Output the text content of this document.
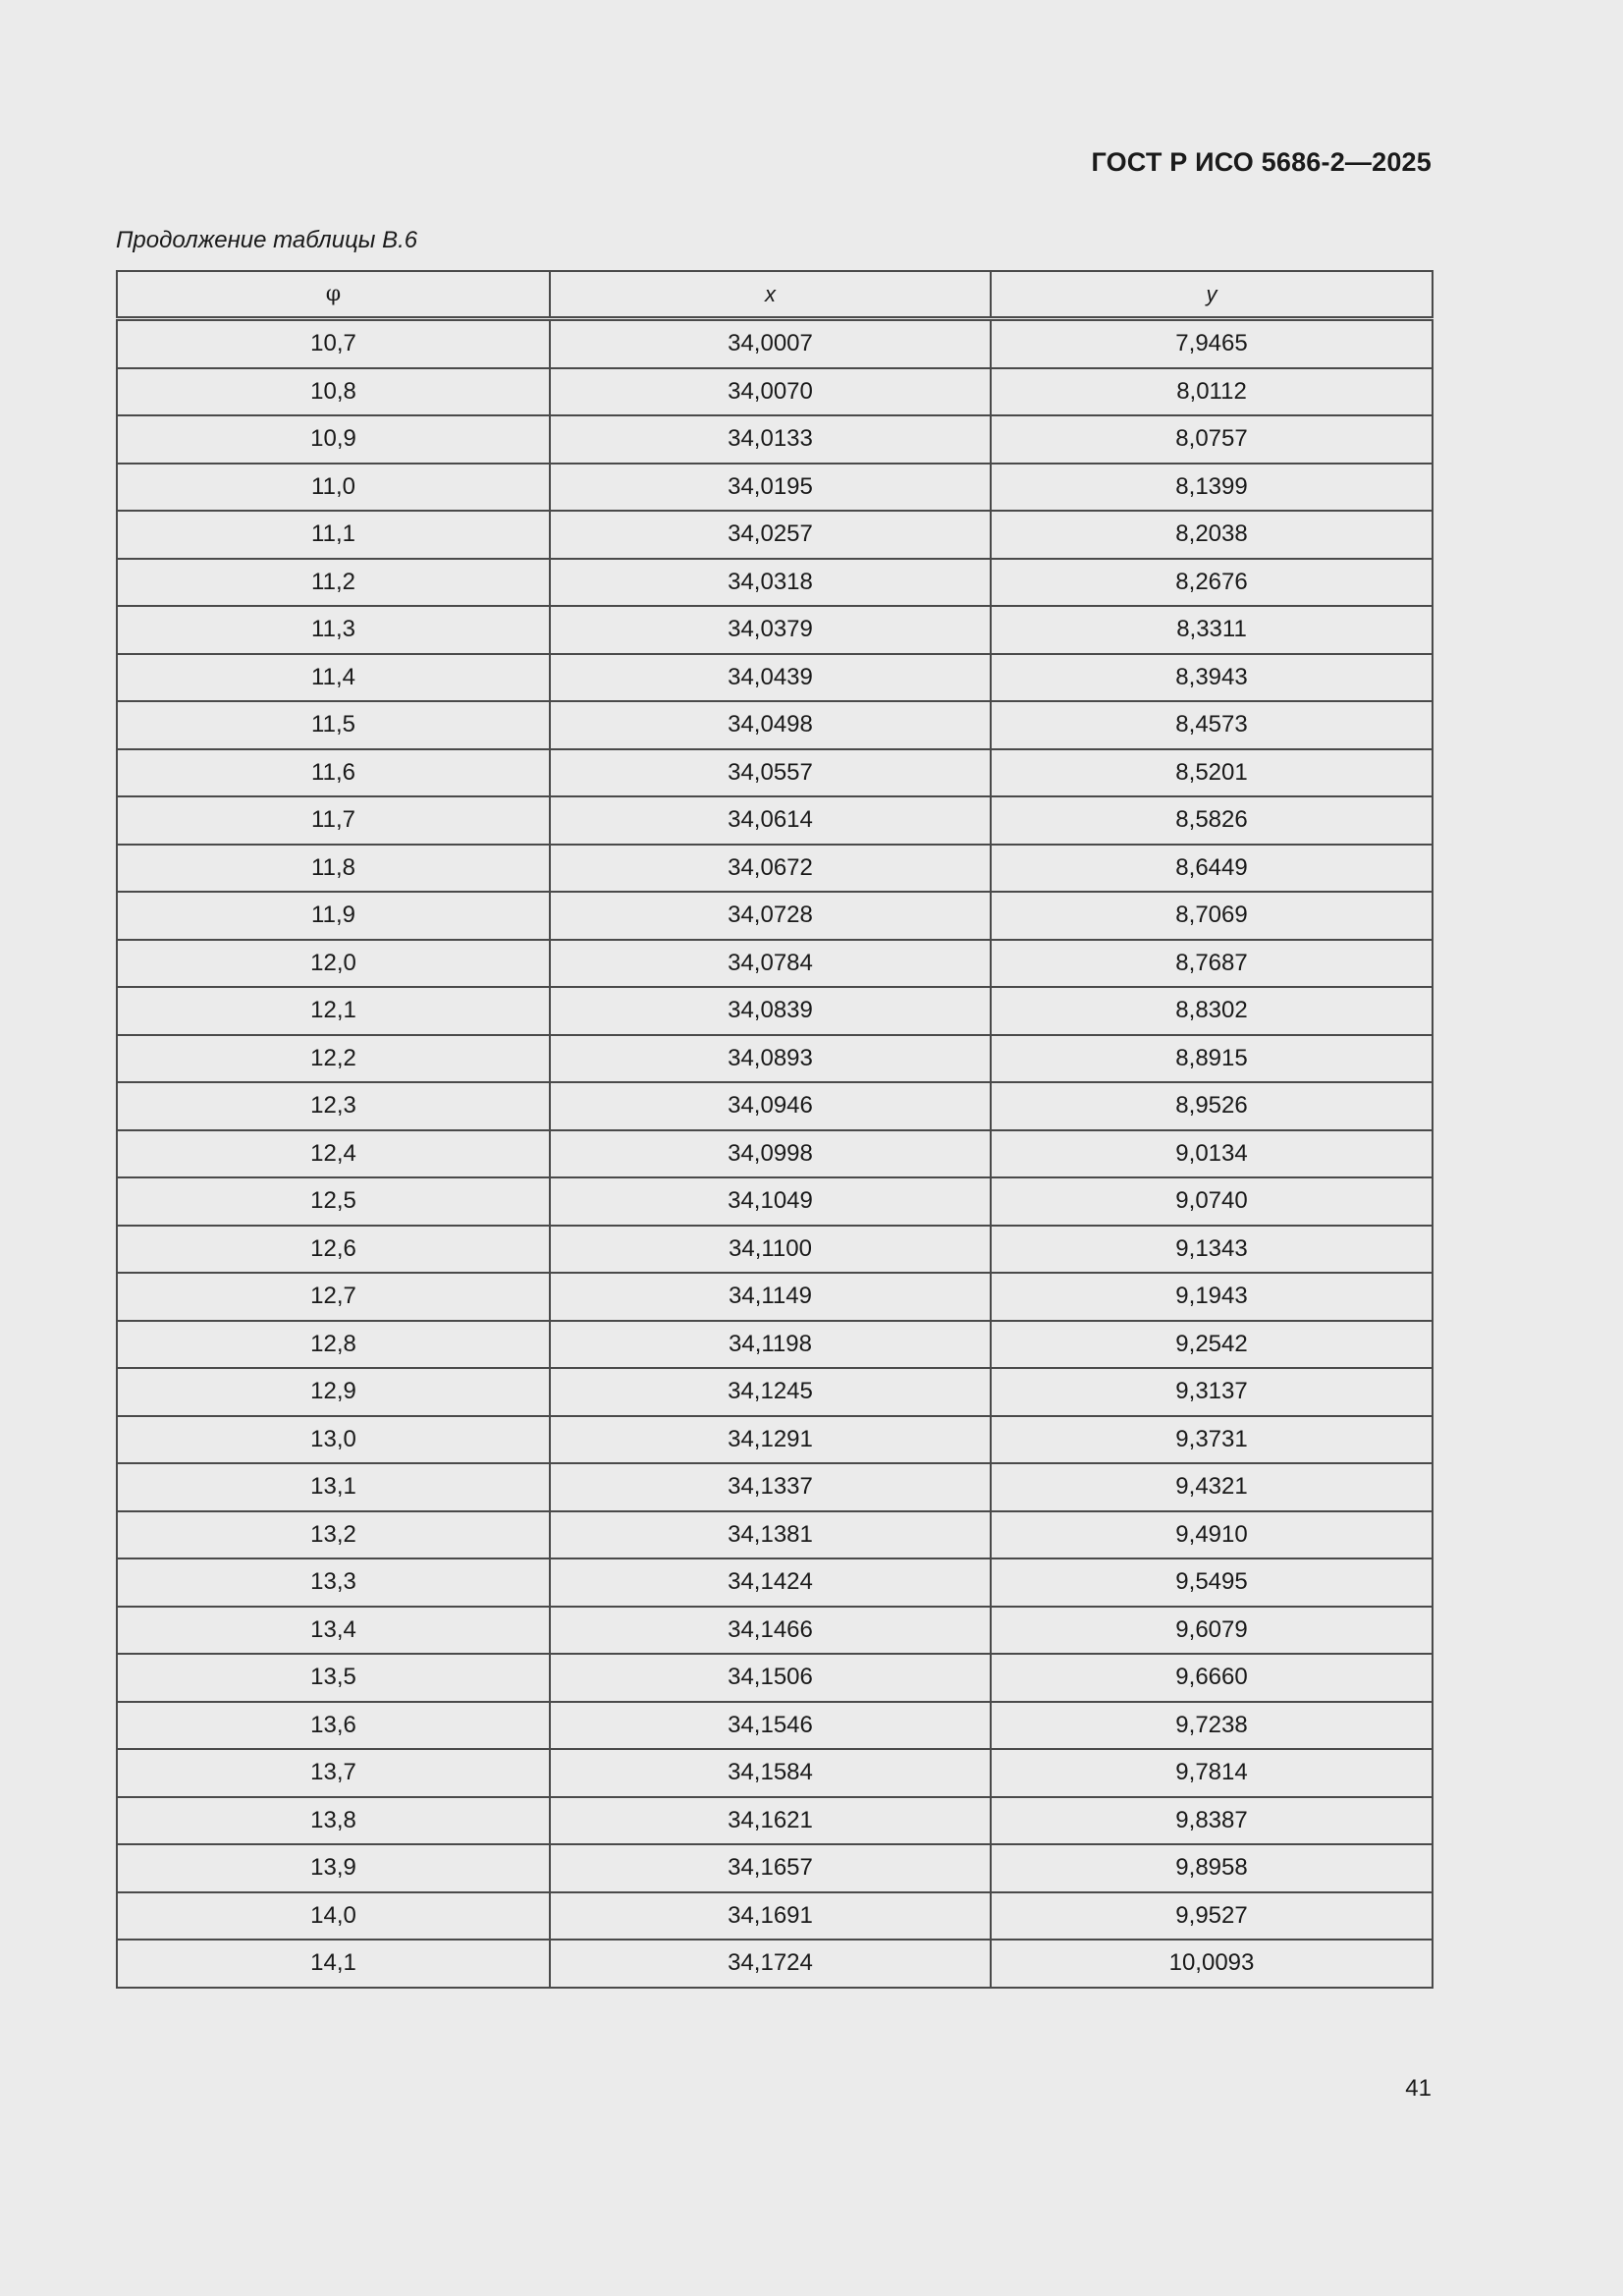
ГОСТ Р ИСО 5686-2—2025
Продолжение таблицы В.6
φ	x	y
10,7	34,0007	7,9465
10,8	34,0070	8,0112
10,9	34,0133	8,0757
11,0	34,0195	8,1399
11,1	34,0257	8,2038
11,2	34,0318	8,2676
11,3	34,0379	8,3311
11,4	34,0439	8,3943
11,5	34,0498	8,4573
11,6	34,0557	8,5201
11,7	34,0614	8,5826
11,8	34,0672	8,6449
11,9	34,0728	8,7069
12,0	34,0784	8,7687
12,1	34,0839	8,8302
12,2	34,0893	8,8915
12,3	34,0946	8,9526
12,4	34,0998	9,0134
12,5	34,1049	9,0740
12,6	34,1100	9,1343
12,7	34,1149	9,1943
12,8	34,1198	9,2542
12,9	34,1245	9,3137
13,0	34,1291	9,3731
13,1	34,1337	9,4321
13,2	34,1381	9,4910
13,3	34,1424	9,5495
13,4	34,1466	9,6079
13,5	34,1506	9,6660
13,6	34,1546	9,7238
13,7	34,1584	9,7814
13,8	34,1621	9,8387
13,9	34,1657	9,8958
14,0	34,1691	9,9527
14,1	34,1724	10,0093
41
